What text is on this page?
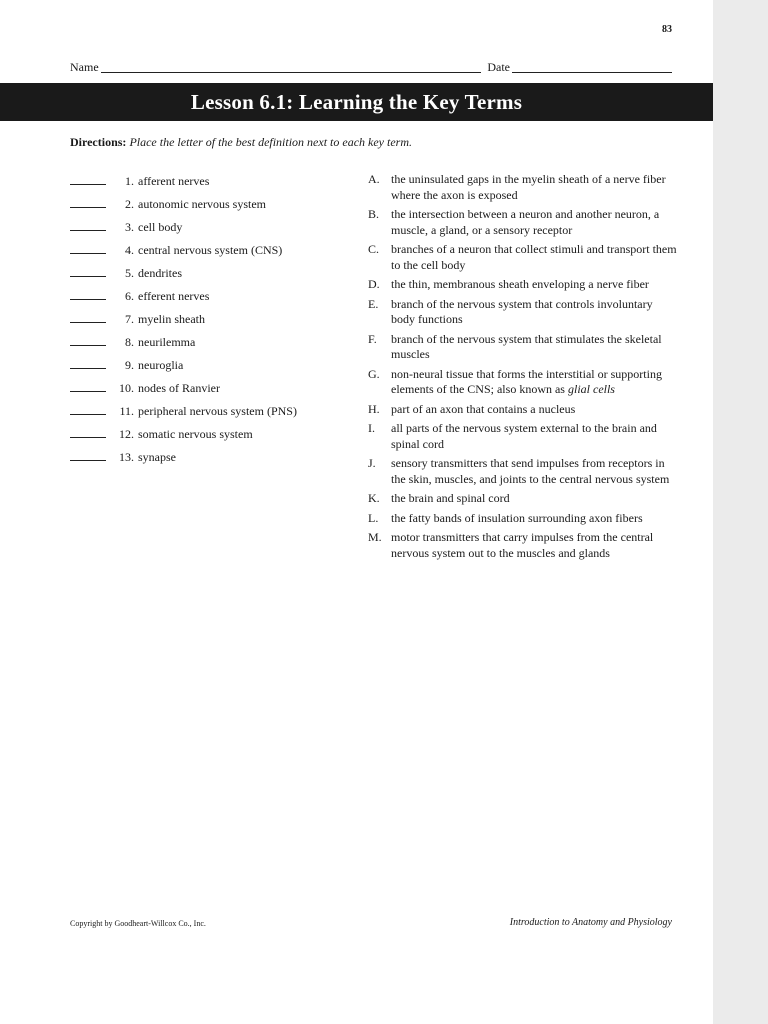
83
Name	Date
Lesson 6.1: Learning the Key Terms
Directions: Place the letter of the best definition next to each key term.
1. afferent nerves
2. autonomic nervous system
3. cell body
4. central nervous system (CNS)
5. dendrites
6. efferent nerves
7. myelin sheath
8. neurilemma
9. neuroglia
10. nodes of Ranvier
11. peripheral nervous system (PNS)
12. somatic nervous system
13. synapse
A. the uninsulated gaps in the myelin sheath of a nerve fiber where the axon is exposed
B. the intersection between a neuron and another neuron, a muscle, a gland, or a sensory receptor
C. branches of a neuron that collect stimuli and transport them to the cell body
D. the thin, membranous sheath enveloping a nerve fiber
E.	branch of the nervous system that controls involuntary body functions
F.	branch of the nervous system that stimulates the skeletal muscles
G. non-neural tissue that forms the interstitial or supporting elements of the CNS; also known as glial cells
H. part of an axon that contains a nucleus
I.	all parts of the nervous system external to the brain and spinal cord
J.	sensory transmitters that send impulses from receptors in the skin, muscles, and joints to the central nervous system
K. the brain and spinal cord
L.	the fatty bands of insulation surrounding axon fibers
M. motor transmitters that carry impulses from the central nervous system out to the muscles and glands
Copyright by Goodheart-Willcox Co., Inc.	Introduction to Anatomy and Physiology
